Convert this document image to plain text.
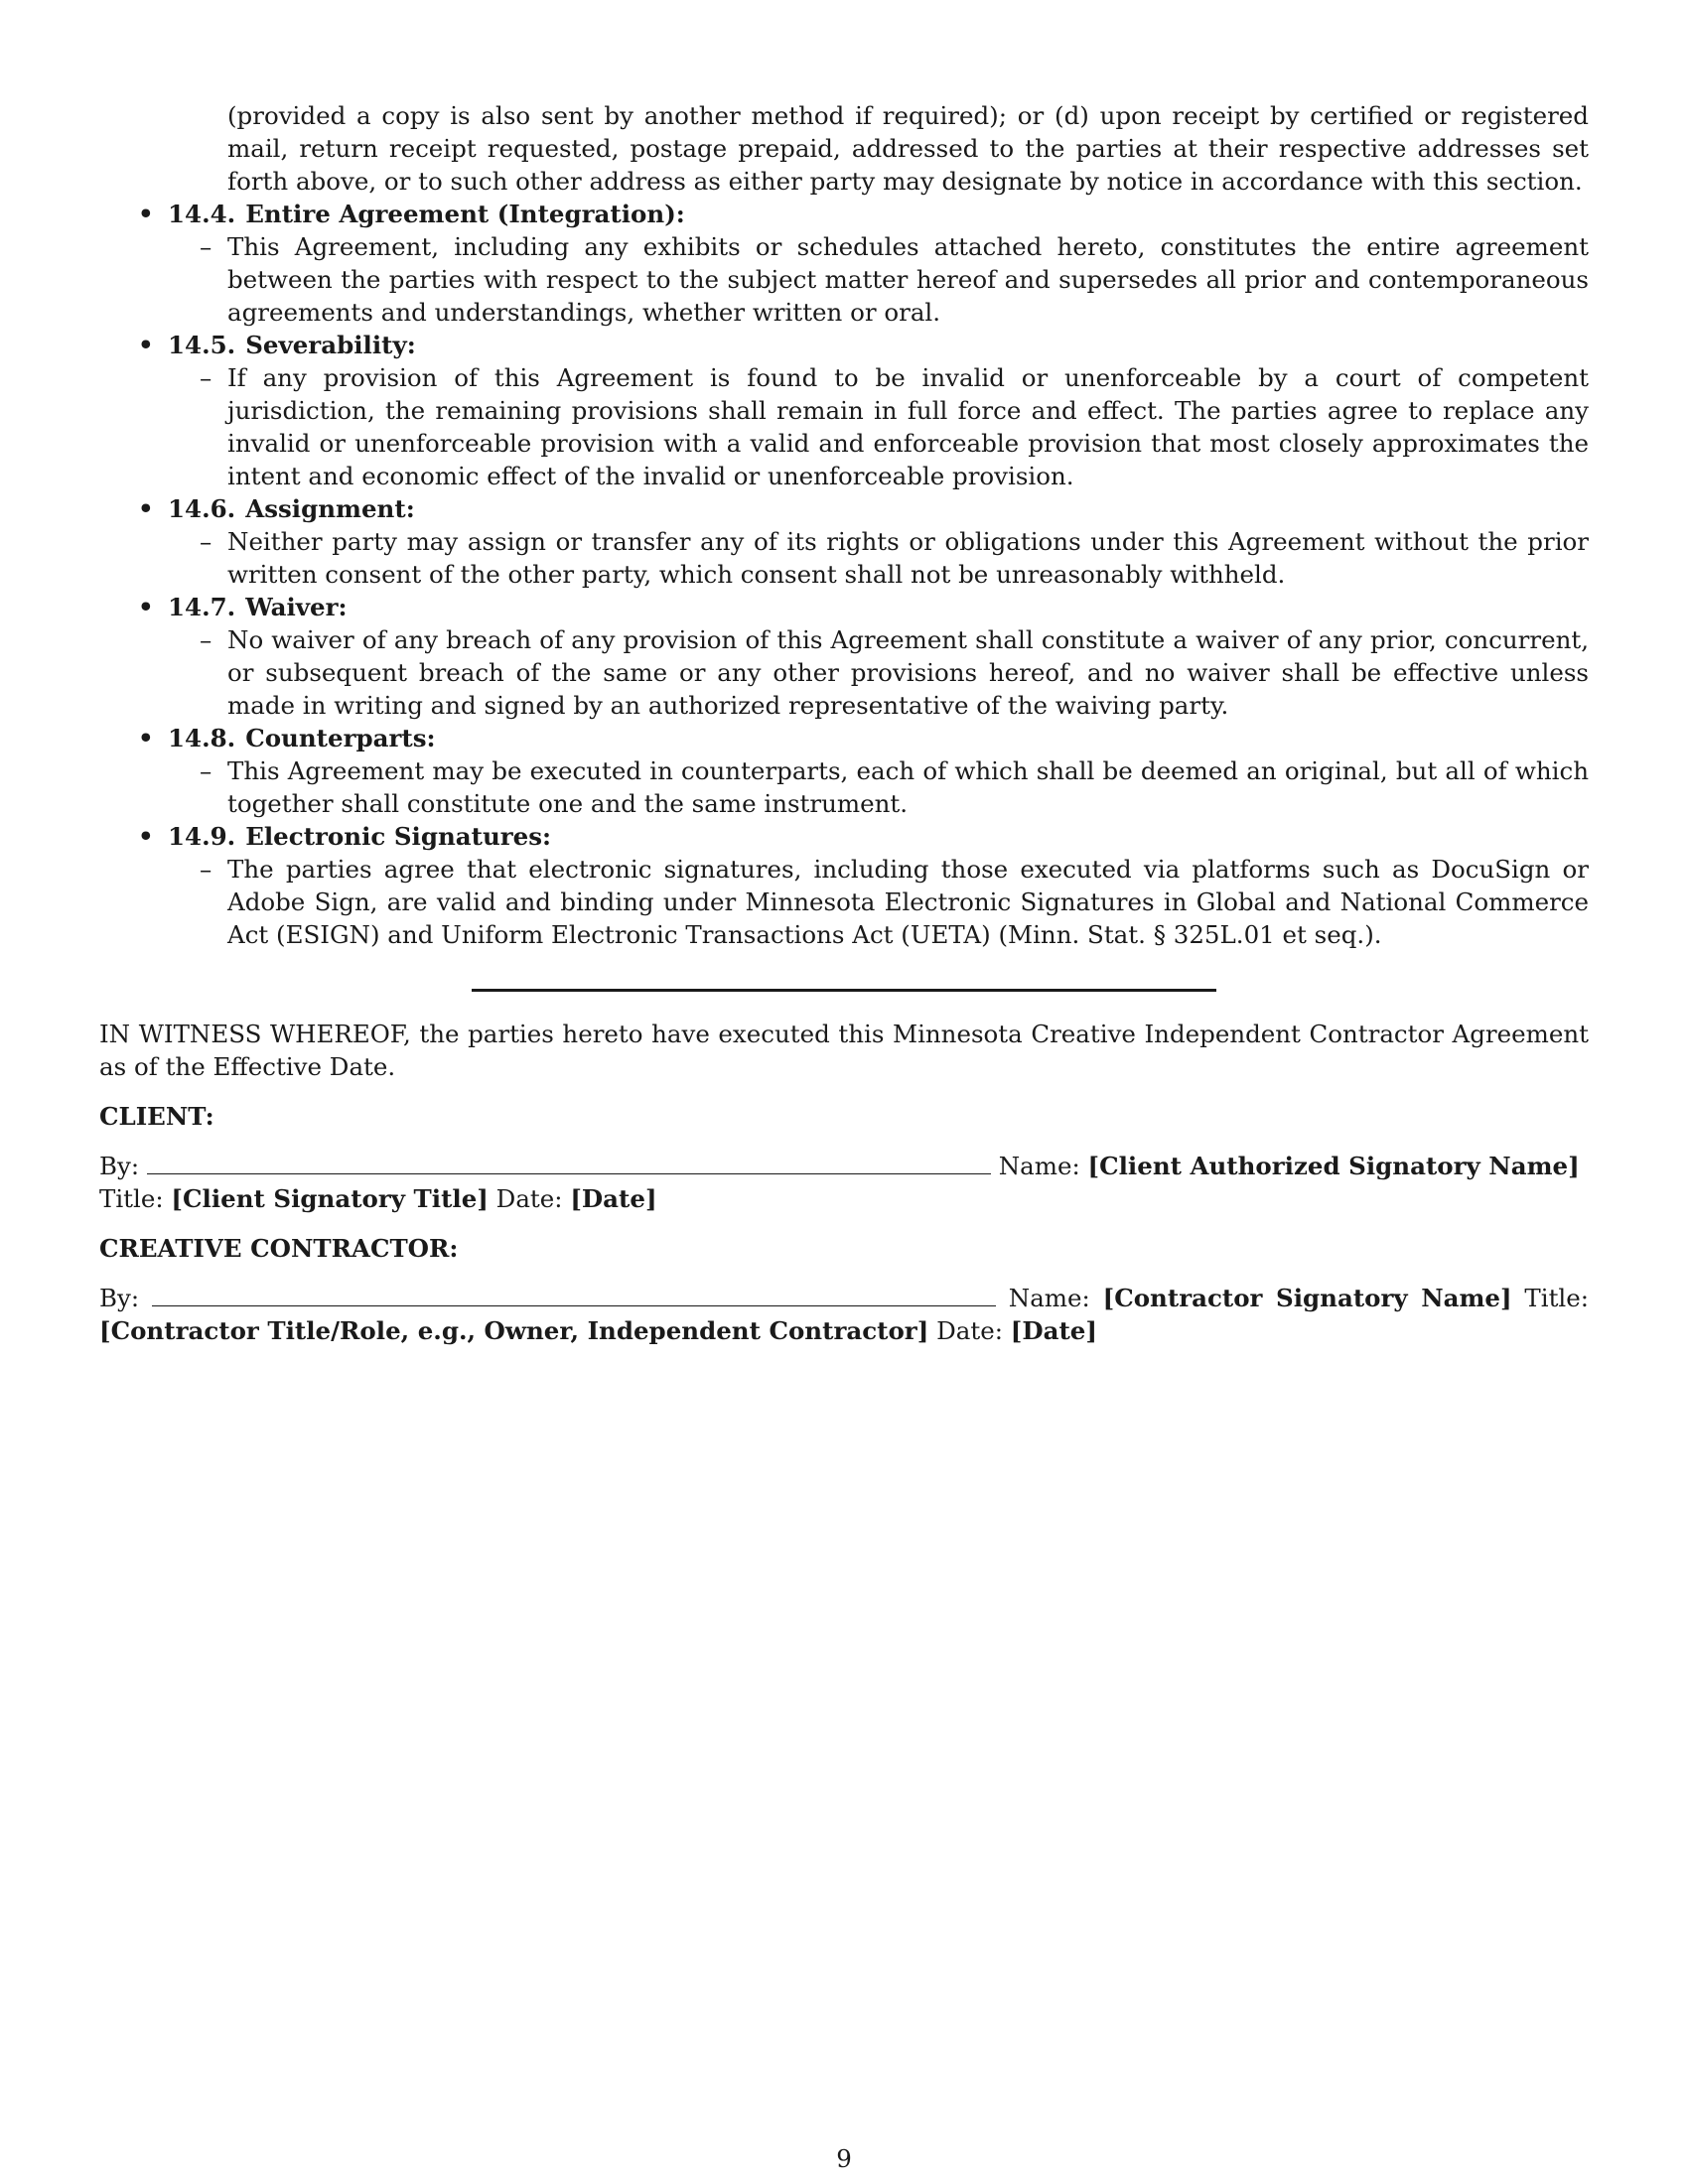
(provided a copy is also sent by another method if required); or (d) upon receipt by certified or registered mail, return receipt requested, postage prepaid, addressed to the parties at their respective addresses set forth above, or to such other address as either party may designate by notice in accordance with this section.
• 14.4. Entire Agreement (Integration):
– This Agreement, including any exhibits or schedules attached hereto, constitutes the entire agreement between the parties with respect to the subject matter hereof and supersedes all prior and contemporaneous agreements and understandings, whether written or oral.
• 14.5. Severability:
– If any provision of this Agreement is found to be invalid or unenforceable by a court of competent jurisdiction, the remaining provisions shall remain in full force and effect. The parties agree to replace any invalid or unenforceable provision with a valid and enforceable provision that most closely approximates the intent and economic effect of the invalid or unenforceable provision.
• 14.6. Assignment:
– Neither party may assign or transfer any of its rights or obligations under this Agreement without the prior written consent of the other party, which consent shall not be unreasonably withheld.
• 14.7. Waiver:
– No waiver of any breach of any provision of this Agreement shall constitute a waiver of any prior, concurrent, or subsequent breach of the same or any other provisions hereof, and no waiver shall be effective unless made in writing and signed by an authorized representative of the waiving party.
• 14.8. Counterparts:
– This Agreement may be executed in counterparts, each of which shall be deemed an original, but all of which together shall constitute one and the same instrument.
• 14.9. Electronic Signatures:
– The parties agree that electronic signatures, including those executed via platforms such as DocuSign or Adobe Sign, are valid and binding under Minnesota Electronic Signatures in Global and National Commerce Act (ESIGN) and Uniform Electronic Transactions Act (UETA) (Minn. Stat. § 325L.01 et seq.).
IN WITNESS WHEREOF, the parties hereto have executed this Minnesota Creative Independent Contractor Agreement as of the Effective Date.
CLIENT:
By:	Name: [Client Authorized Signatory Name]
Title: [Client Signatory Title] Date: [Date]
CREATIVE CONTRACTOR:
By:	Name: [Contractor Signatory Name] Title: [Contractor Title/Role, e.g., Owner, Independent Contractor] Date: [Date]
9
